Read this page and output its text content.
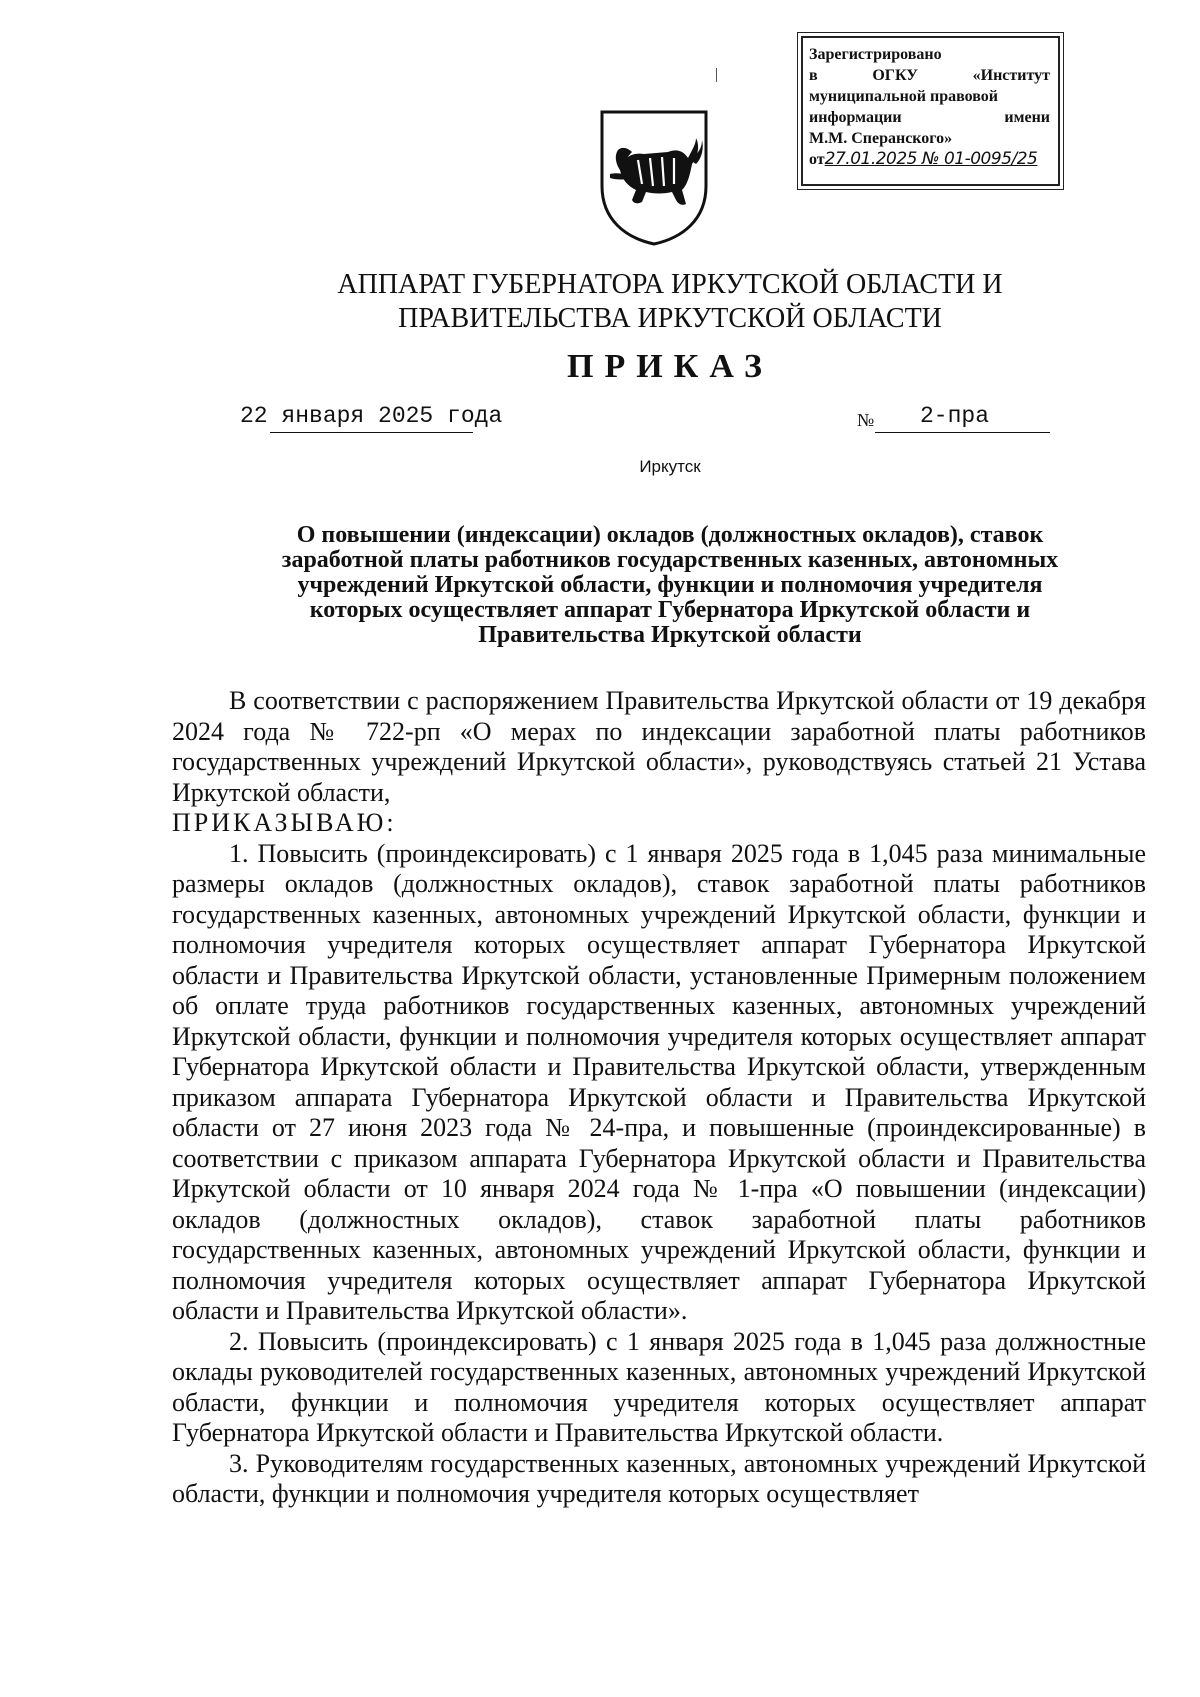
Зарегистрировано
в	ОГКУ	«Институт
муниципальной правовой
информации	имени
М.М. Сперанского»
от27.01.2025 № 01-0095/25
АППАРАТ ГУБЕРНАТОРА ИРКУТСКОЙ ОБЛАСТИ И
ПРАВИТЕЛЬСТВА ИРКУТСКОЙ ОБЛАСТИ
ПРИКАЗ
22 января 2025 года	№ 2-пра
Иркутск
О повышении (индексации) окладов (должностных окладов), ставок
заработной платы работников государственных казенных, автономных
учреждений Иркутской области, функции и полномочия учредителя
которых осуществляет аппарат Губернатора Иркутской области и
Правительства Иркутской области

В соответствии с распоряжением Правительства Иркутской области от 19 декабря 2024 года № 722-рп «О мерах по индексации заработной платы работников государственных учреждений Иркутской области», руководствуясь статьей 21 Устава Иркутской области,

ПРИКАЗЫВАЮ:

1. Повысить (проиндексировать) с 1 января 2025 года в 1,045 раза минимальные размеры окладов (должностных окладов), ставок заработной платы работников государственных казенных, автономных учреждений Иркутской области, функции и полномочия учредителя которых осуществляет аппарат Губернатора Иркутской области и Правительства Иркутской области, установленные Примерным положением об оплате труда работников государственных казенных, автономных учреждений Иркутской области, функции и полномочия учредителя которых осуществляет аппарат Губернатора Иркутской области и Правительства Иркутской области, утвержденным приказом аппарата Губернатора Иркутской области и Правительства Иркутской области от 27 июня 2023 года № 24-пра, и повышенные (проиндексированные) в соответствии с приказом аппарата Губернатора Иркутской области и Правительства Иркутской области от 10 января 2024 года № 1-пра «О повышении (индексации) окладов (должностных окладов), ставок заработной платы работников государственных казенных, автономных учреждений Иркутской области, функции и полномочия учредителя которых осуществляет аппарат Губернатора Иркутской области и Правительства Иркутской области».

2. Повысить (проиндексировать) с 1 января 2025 года в 1,045 раза должностные оклады руководителей государственных казенных, автономных учреждений Иркутской области, функции и полномочия учредителя которых осуществляет аппарат Губернатора Иркутской области и Правительства Иркутской области.

3. Руководителям государственных казенных, автономных учреждений Иркутской области, функции и полномочия учредителя которых осуществляет
